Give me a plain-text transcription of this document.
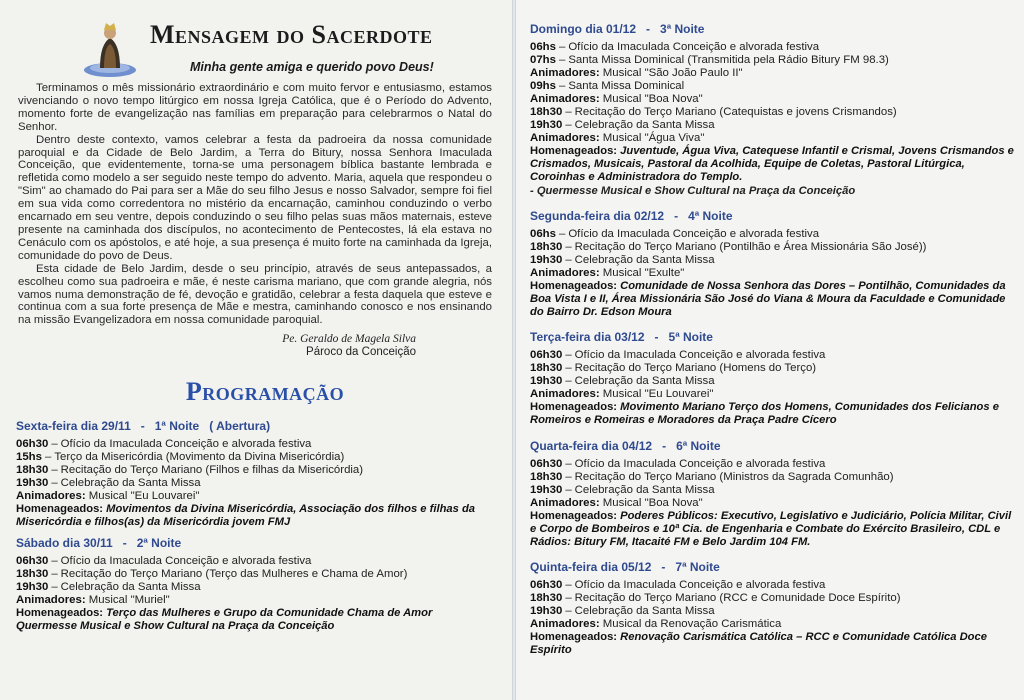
Mensagem do Sacerdote
Minha gente amiga e querido povo Deus!

Terminamos o mês missionário extraordinário e com muito fervor e entusiasmo, estamos vivenciando o novo tempo litúrgico em nossa Igreja Católica, que é o Período do Advento, momento forte de evangelização nas famílias em preparação para celebrarmos o Natal do Senhor.

Dentro deste contexto, vamos celebrar a festa da padroeira da nossa comunidade paroquial e da Cidade de Belo Jardim, a Terra do Bitury, nossa Senhora Imaculada Conceição, que evidentemente, torna-se uma personagem bíblica bastante lembrada e refletida como modelo a ser seguido neste tempo do advento. Maria, aquela que respondeu o "Sim" ao chamado do Pai para ser a Mãe do seu filho Jesus e nosso Salvador, sempre foi fiel em sua vida como corredentora no mistério da encarnação, caminhou conduzindo o verbo encarnado em seu ventre, depois conduzindo o seu filho pelas suas mãos maternais, esteve presente na caminhada dos discípulos, no acontecimento de Pentecostes, lá ela estava no Cenáculo com os apóstolos, e até hoje, a sua presença é muito forte na caminhada da Igreja, comunidade do povo de Deus.

Esta cidade de Belo Jardim, desde o seu princípio, através de seus antepassados, a escolheu como sua padroeira e mãe, é neste carisma mariano, que com grande alegria, nós vamos numa demonstração de fé, devoção e gratidão, celebrar a festa daquela que esteve e continua com a sua forte presença de Mãe e mestra, caminhando conosco e nos ensinando na missão Evangelizadora em nossa comunidade paroquial.

Pe. Geraldo de Magela Silva
Pároco da Conceição
Programação
Sexta-feira dia 29/11 - 1ª Noite ( Abertura)
06h30 – Ofício da Imaculada Conceição e alvorada festiva
15hs – Terço da Misericórdia (Movimento da Divina Misericórdia)
18h30 – Recitação do Terço Mariano (Filhos e filhas da Misericórdia)
19h30 – Celebração da Santa Missa
Animadores: Musical "Eu Louvarei"

Homenageados: Movimentos da Divina Misericórdia, Associação dos filhos e filhas da Misericórdia e filhos(as) da Misericórdia jovem FMJ

Sábado dia 30/11 - 2ª Noite
06h30 – Ofício da Imaculada Conceição e alvorada festiva
18h30 – Recitação do Terço Mariano (Terço das Mulheres e Chama de Amor)
19h30 – Celebração da Santa Missa
Animadores: Musical "Muriel"

Homenageados: Terço das Mulheres e Grupo da Comunidade Chama de Amor Quermesse Musical e Show Cultural na Praça da Conceição

Domingo dia 01/12 - 3ª Noite
06hs – Ofício da Imaculada Conceição e alvorada festiva
07hs – Santa Missa Dominical (Transmitida pela Rádio Bitury FM 98.3)
Animadores: Musical "São João Paulo II"
09hs – Santa Missa Dominical
Animadores: Musical "Boa Nova"
18h30 – Recitação do Terço Mariano (Catequistas e jovens Crismandos)
19h30 – Celebração da Santa Missa
Animadores: Musical "Água Viva"

Homenageados: Juventude, Água Viva, Catequese Infantil e Crismal, Jovens Crismandos e Crismados, Musicais, Pastoral da Acolhida, Equipe de Coletas, Pastoral Litúrgica, Coroinhas e Administradora do Templo.

- Quermesse Musical e Show Cultural na Praça da Conceição

Segunda-feira dia 02/12 - 4ª Noite
06hs – Ofício da Imaculada Conceição e alvorada festiva
18h30 – Recitação do Terço Mariano (Pontilhão e Área Missionária São José))
19h30 – Celebração da Santa Missa
Animadores: Musical "Exulte"

Homenageados: Comunidade de Nossa Senhora das Dores – Pontilhão, Comunidades da Boa Vista I e II, Área Missionária São José do Viana & Moura da Faculdade e Comunidade do Bairro Dr. Edson Moura

Terça-feira dia 03/12 - 5ª Noite
06h30 – Ofício da Imaculada Conceição e alvorada festiva
18h30 – Recitação do Terço Mariano (Homens do Terço)
19h30 – Celebração da Santa Missa
Animadores: Musical "Eu Louvarei"

Homenageados: Movimento Mariano Terço dos Homens, Comunidades dos Felicianos e Romeiros e Romeiras e Moradores da Praça Padre Cícero

Quarta-feira dia 04/12 - 6ª Noite
06h30 – Ofício da Imaculada Conceição e alvorada festiva
18h30 – Recitação do Terço Mariano (Ministros da Sagrada Comunhão)
19h30 – Celebração da Santa Missa
Animadores: Musical "Boa Nova"

Homenageados: Poderes Públicos: Executivo, Legislativo e Judiciário, Polícia Militar, Civil e Corpo de Bombeiros e 10ª Cia. de Engenharia e Combate do Exército Brasileiro, CDL e Rádios: Bitury FM, Itacaité FM e Belo Jardim 104 FM.

Quinta-feira dia 05/12 - 7ª Noite
06h30 – Ofício da Imaculada Conceição e alvorada festiva
18h30 – Recitação do Terço Mariano (RCC e Comunidade Doce Espírito)
19h30 – Celebração da Santa Missa
Animadores: Musical da Renovação Carismática

Homenageados: Renovação Carismática Católica – RCC e Comunidade Católica Doce Espírito
